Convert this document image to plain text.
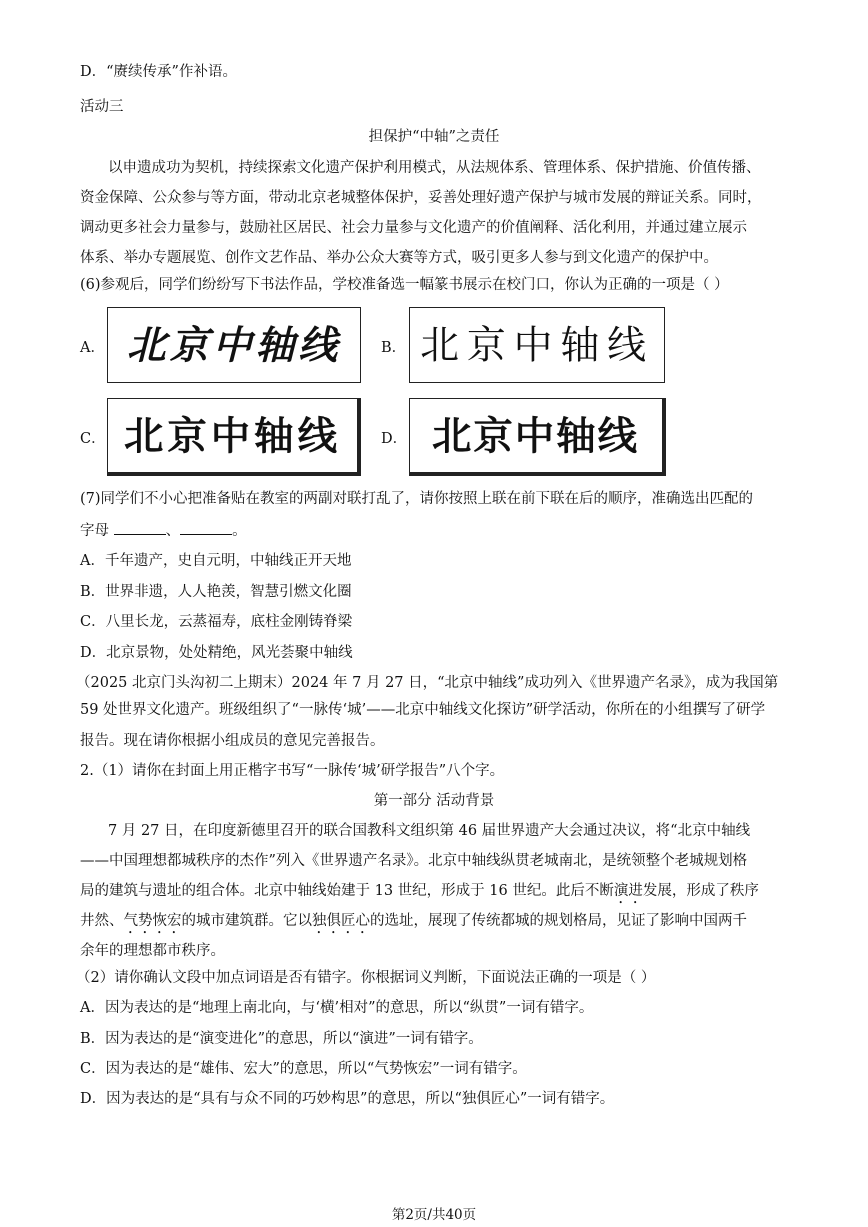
D．“赓续传承”作补语。
活动三
担保护“中轴”之责任
以申遗成功为契机，持续探索文化遗产保护利用模式，从法规体系、管理体系、保护措施、价值传播、
资金保障、公众参与等方面，带动北京老城整体保护，妥善处理好遗产保护与城市发展的辩证关系。同时，
调动更多社会力量参与，鼓励社区居民、社会力量参与文化遗产的价值阐释、活化利用，并通过建立展示
体系、举办专题展览、创作文艺作品、举办公众大赛等方式，吸引更多人参与到文化遗产的保护中。
(6)参观后，同学们纷纷写下书法作品，学校准备选一幅篆书展示在校门口，你认为正确的一项是（ ）
A． 北京中轴线	B． 北京中轴线
C． 北京中轴线	D． 北京中轴线
(7)同学们不小心把准备贴在教室的两副对联打乱了，请你按照上联在前下联在后的顺序，准确选出匹配的
字母	、	。
A．千年遗产，史自元明，中轴线正开天地
B．世界非遗，人人艳羡，智慧引燃文化圈
C．八里长龙，云蒸福寿，底柱金刚铸脊梁
D．北京景物，处处精绝，风光荟聚中轴线
（2025 北京门头沟初二上期末）2024 年 7 月 27 日，“北京中轴线”成功列入《世界遗产名录》，成为我国第
59 处世界文化遗产。班级组织了“一脉传‘城’——北京中轴线文化探访”研学活动，你所在的小组撰写了研学
报告。现在请你根据小组成员的意见完善报告。
2.（1）请你在封面上用正楷字书写“一脉传‘城’研学报告”八个字。
第一部分 活动背景
7 月 27 日，在印度新德里召开的联合国教科文组织第 46 届世界遗产大会通过决议，将“北京中轴线
——中国理想都城秩序的杰作”列入《世界遗产名录》。北京中轴线纵贯老城南北，是统领整个老城规划格
局的建筑与遗址的组合体。北京中轴线始建于 13 世纪，形成于 16 世纪。此后不断演进发展，形成了秩序
井然、气势恢宏的城市建筑群。它以独俱匠心的选址，展现了传统都城的规划格局，见证了影响中国两千
余年的理想都市秩序。
（2）请你确认文段中加点词语是否有错字。你根据词义判断，下面说法正确的一项是（ ）
A．因为表达的是“地理上南北向，与‘横’相对”的意思，所以“纵贯”一词有错字。
B．因为表达的是“演变进化”的意思，所以“演进”一词有错字。
C．因为表达的是“雄伟、宏大”的意思，所以“气势恢宏”一词有错字。
D．因为表达的是“具有与众不同的巧妙构思”的意思，所以“独俱匠心”一词有错字。
第2页/共40页
